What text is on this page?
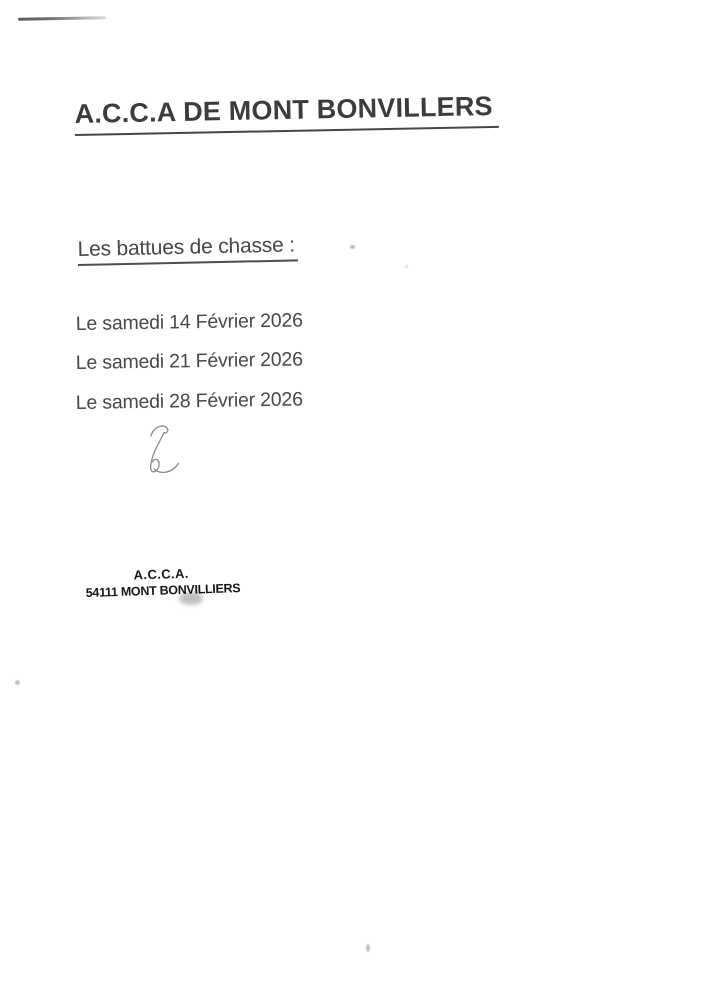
A.C.C.A DE MONT BONVILLERS
Les battues de chasse :

Le samedi 14 Février 2026

Le samedi 21 Février 2026

Le samedi 28 Février 2026

A.C.C.A.

54111 MONT BONVILLIERS
